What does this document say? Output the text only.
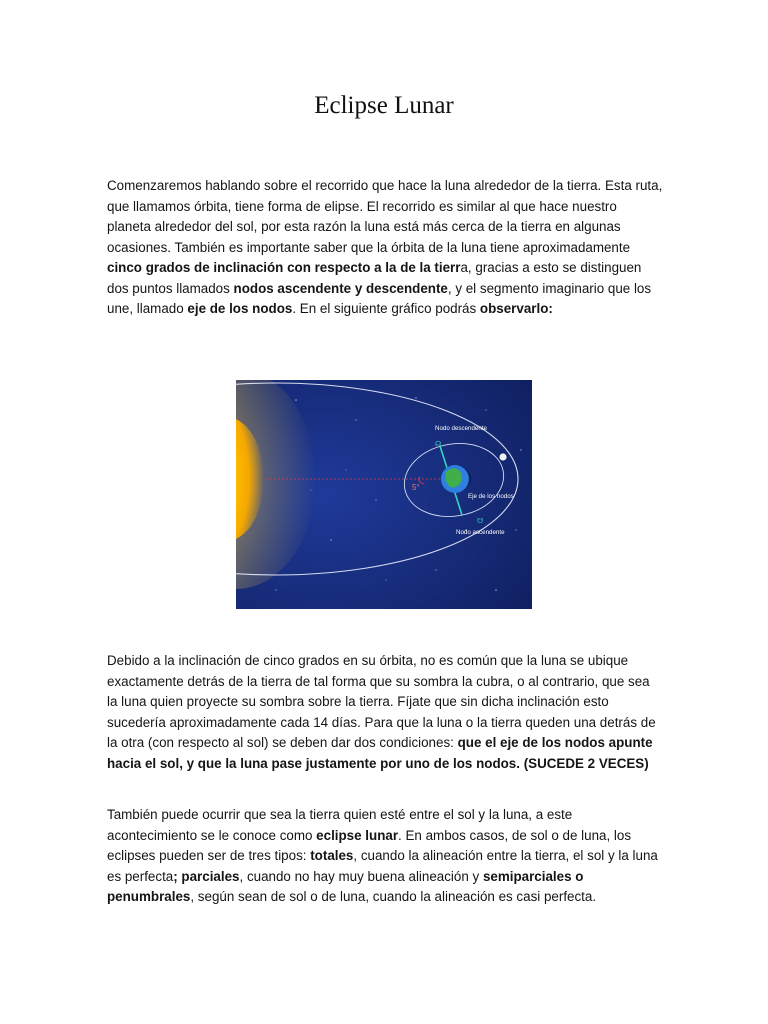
Eclipse Lunar

Comenzaremos hablando sobre el recorrido que hace la luna alrededor de la tierra. Esta ruta, que llamamos órbita, tiene forma de elipse. El recorrido es similar al que hace nuestro planeta alrededor del sol, por esta razón la luna está más cerca de la tierra en algunas ocasiones. También es importante saber que la órbita de la luna tiene aproximadamente cinco grados de inclinación con respecto a la de la tierra, gracias a esto se distinguen dos puntos llamados nodos ascendente y descendente, y el segmento imaginario que los une, llamado eje de los nodos. En el siguiente gráfico podrás observarlo:

5°
☊
☋
Nodo descendente
Eje de los nodos
Nodo ascendente

Debido a la inclinación de cinco grados en su órbita, no es común que la luna se ubique exactamente detrás de la tierra de tal forma que su sombra la cubra, o al contrario, que sea la luna quien proyecte su sombra sobre la tierra. Fíjate que sin dicha inclinación esto sucedería aproximadamente cada 14 días. Para que la luna o la tierra queden una detrás de la otra (con respecto al sol) se deben dar dos condiciones: que el eje de los nodos apunte hacia el sol, y que la luna pase justamente por uno de los nodos. (SUCEDE 2 VECES)

También puede ocurrir que sea la tierra quien esté entre el sol y la luna, a este acontecimiento se le conoce como eclipse lunar. En ambos casos, de sol o de luna, los eclipses pueden ser de tres tipos: totales, cuando la alineación entre la tierra, el sol y la luna es perfecta; parciales, cuando no hay muy buena alineación y semiparciales o penumbrales, según sean de sol o de luna, cuando la alineación es casi perfecta.
